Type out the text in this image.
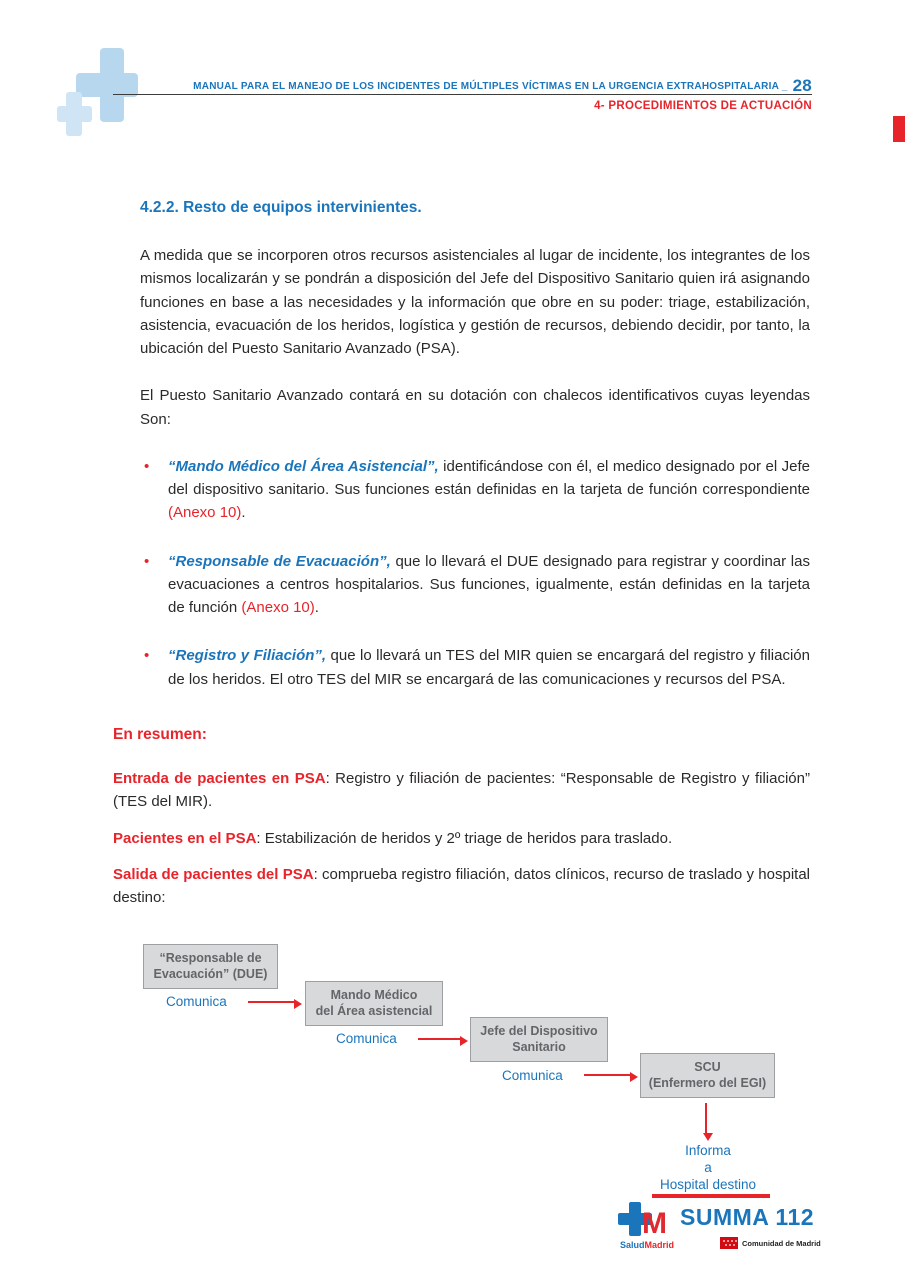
MANUAL PARA EL MANEJO DE LOS INCIDENTES DE MÚLTIPLES VÍCTIMAS EN LA URGENCIA EXTRAHOSPITALARIA _ 28
4- PROCEDIMIENTOS DE ACTUACIÓN
4.2.2. Resto de equipos intervinientes.

A medida que se incorporen otros recursos asistenciales al lugar de incidente, los integrantes de los mismos localizarán y se pondrán a disposición del Jefe del Dispositivo Sanitario quien irá asignando funciones en base a las necesidades y la información que obre en su poder: triage, estabilización, asistencia, evacuación de los heridos, logística y gestión de recursos, debiendo decidir, por tanto, la ubicación del Puesto Sanitario Avanzado (PSA).

El Puesto Sanitario Avanzado contará en su dotación con chalecos identificativos cuyas leyendas Son:

• “Mando Médico del Área Asistencial”, identificándose con él, el medico designado por el Jefe del dispositivo sanitario. Sus funciones están definidas en la tarjeta de función correspondiente (Anexo 10).
• “Responsable de Evacuación”, que lo llevará el DUE designado para registrar y coordinar las evacuaciones a centros hospitalarios. Sus funciones, igualmente, están definidas en la tarjeta de función (Anexo 10).
• “Registro y Filiación”, que lo llevará un TES del MIR quien se encargará del registro y filiación de los heridos. El otro TES del MIR se encargará de las comunicaciones y recursos del PSA.
En resumen:

Entrada de pacientes en PSA: Registro y filiación de pacientes: “Responsable de Registro y filiación” (TES del MIR).

Pacientes en el PSA: Estabilización de heridos y 2º triage de heridos para traslado.

Salida de pacientes del PSA: comprueba registro filiación, datos clínicos, recurso de traslado y hospital destino:

“Responsable de
Evacuación” (DUE)
Mando Médico
del Área asistencial
Jefe del Dispositivo
Sanitario
SCU
(Enfermero del EGI)
Comunica
Comunica
Comunica
Informa
a
Hospital destino
M SUMMA 112
SaludMadrid	Comunidad de Madrid
